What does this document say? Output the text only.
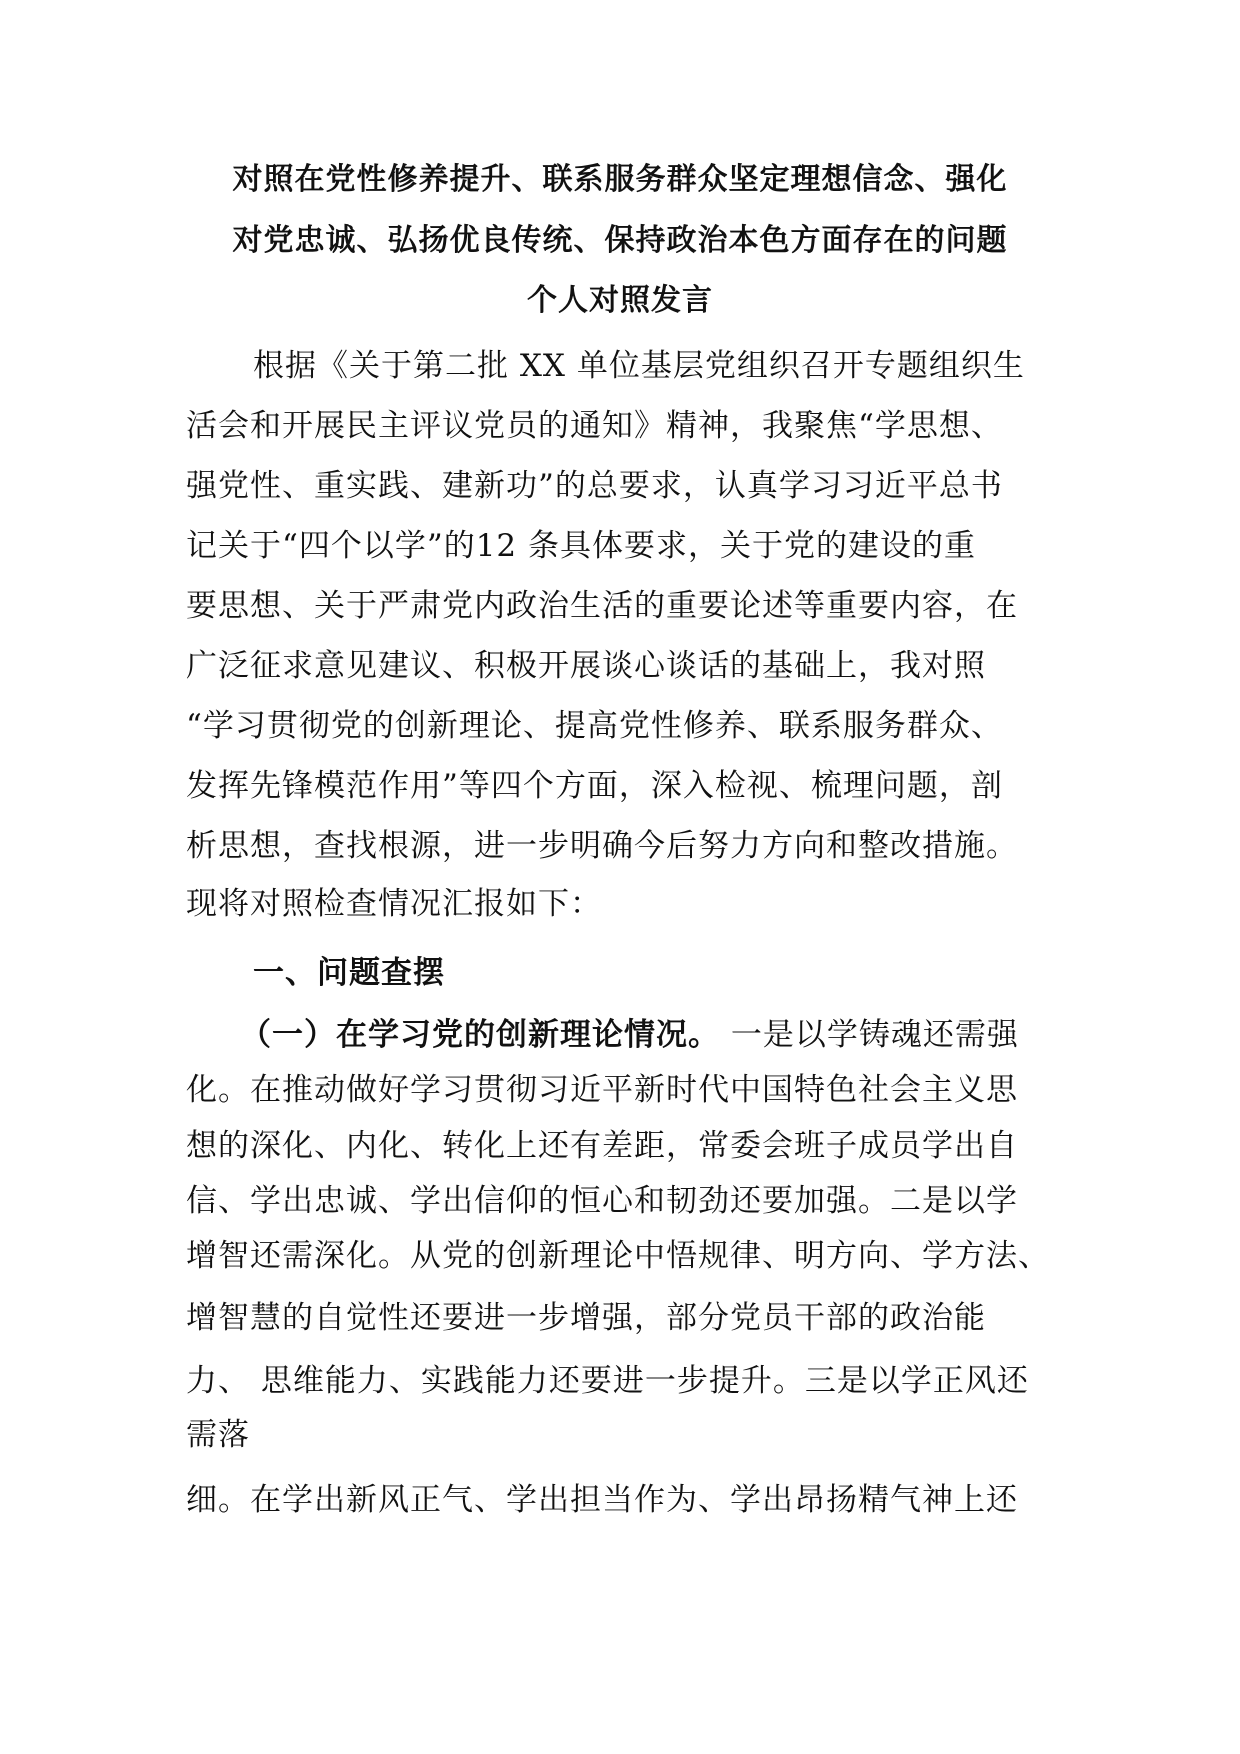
对照在党性修养提升、联系服务群众坚定理想信念、强化
对党忠诚、弘扬优良传统、保持政治本色方面存在的问题
个人对照发言
根据《关于第二批 XX 单位基层党组织召开专题组织生
活会和开展民主评议党员的通知》精神，我聚焦“学思想、
强党性、重实践、建新功”的总要求，认真学习习近平总书
记关于“四个以学”的12 条具体要求，关于党的建设的重
要思想、关于严肃党内政治生活的重要论述等重要内容，在
广泛征求意见建议、积极开展谈心谈话的基础上，我对照
“学习贯彻党的创新理论、提高党性修养、联系服务群众、
发挥先锋模范作用”等四个方面，深入检视、梳理问题，剖
析思想，查找根源，进一步明确今后努力方向和整改措施。
现将对照检查情况汇报如下：
一、问题查摆
（一）在学习党的创新理论情况。 一是以学铸魂还需强
化。在推动做好学习贯彻习近平新时代中国特色社会主义思
想的深化、内化、转化上还有差距，常委会班子成员学出自
信、学出忠诚、学出信仰的恒心和韧劲还要加强。二是以学
增智还需深化。从党的创新理论中悟规律、明方向、学方法、
增智慧的自觉性还要进一步增强，部分党员干部的政治能
力、 思维能力、实践能力还要进一步提升。三是以学正风还
需落
细。在学出新风正气、学出担当作为、学出昂扬精气神上还
